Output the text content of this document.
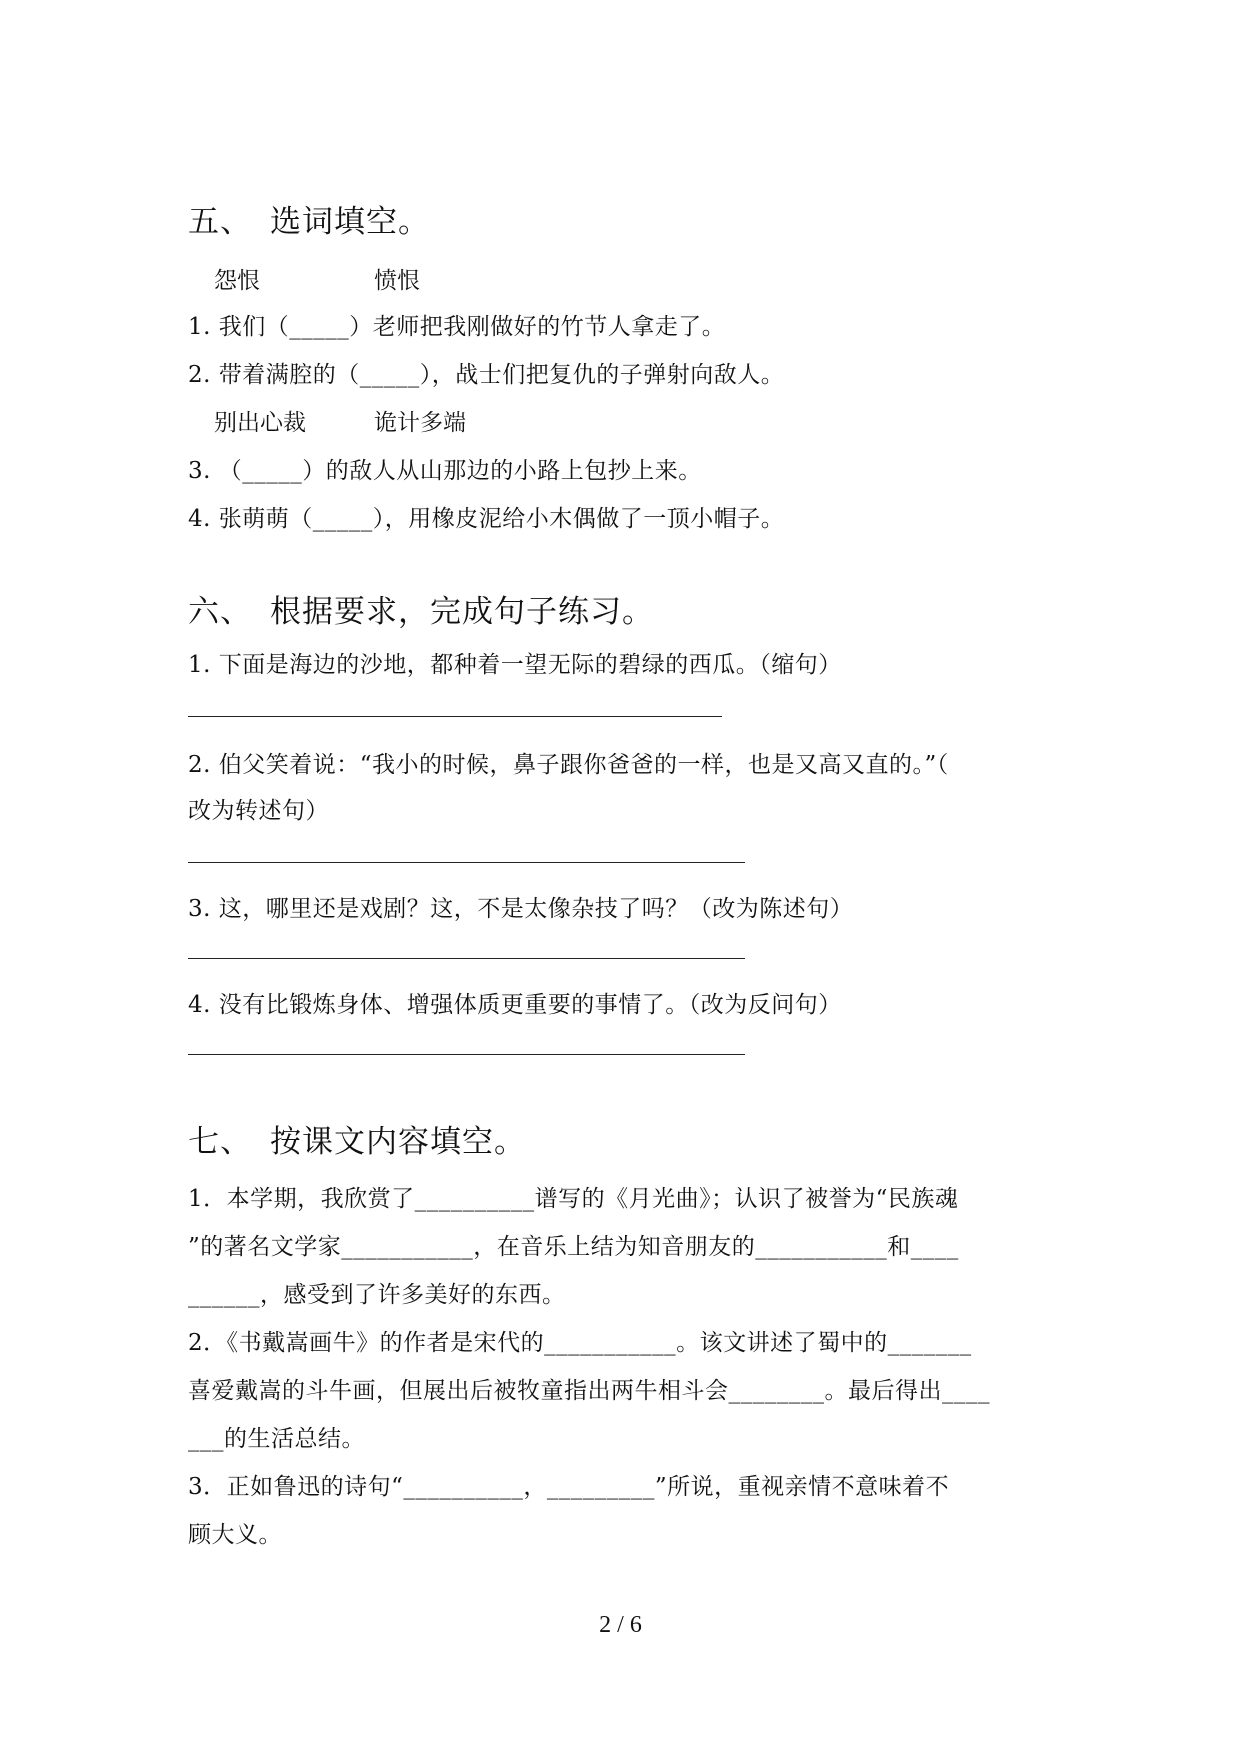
五、 选词填空。
怨恨	愤恨
1. 我们（_____）老师把我刚做好的竹节人拿走了。
2. 带着满腔的（_____），战士们把复仇的子弹射向敌人。
别出心裁	诡计多端
3. （_____）的敌人从山那边的小路上包抄上来。
4. 张萌萌（_____），用橡皮泥给小木偶做了一顶小帽子。
六、 根据要求，完成句子练习。
1. 下面是海边的沙地，都种着一望无际的碧绿的西瓜。（缩句）
2. 伯父笑着说：“我小的时候，鼻子跟你爸爸的一样，也是又高又直的。”（
改为转述句）
3. 这，哪里还是戏剧？这，不是太像杂技了吗？（改为陈述句）
4. 没有比锻炼身体、增强体质更重要的事情了。（改为反问句）
七、 按课文内容填空。
1．本学期，我欣赏了__________谱写的《月光曲》；认识了被誉为“民族魂
”的著名文学家___________，在音乐上结为知音朋友的___________和____
______，感受到了许多美好的东西。
2．《书戴嵩画牛》的作者是宋代的___________。该文讲述了蜀中的_______
喜爱戴嵩的斗牛画，但展出后被牧童指出两牛相斗会________。最后得出____
___的生活总结。
3．正如鲁迅的诗句“__________，_________”所说，重视亲情不意味着不
顾大义。
2 / 6
